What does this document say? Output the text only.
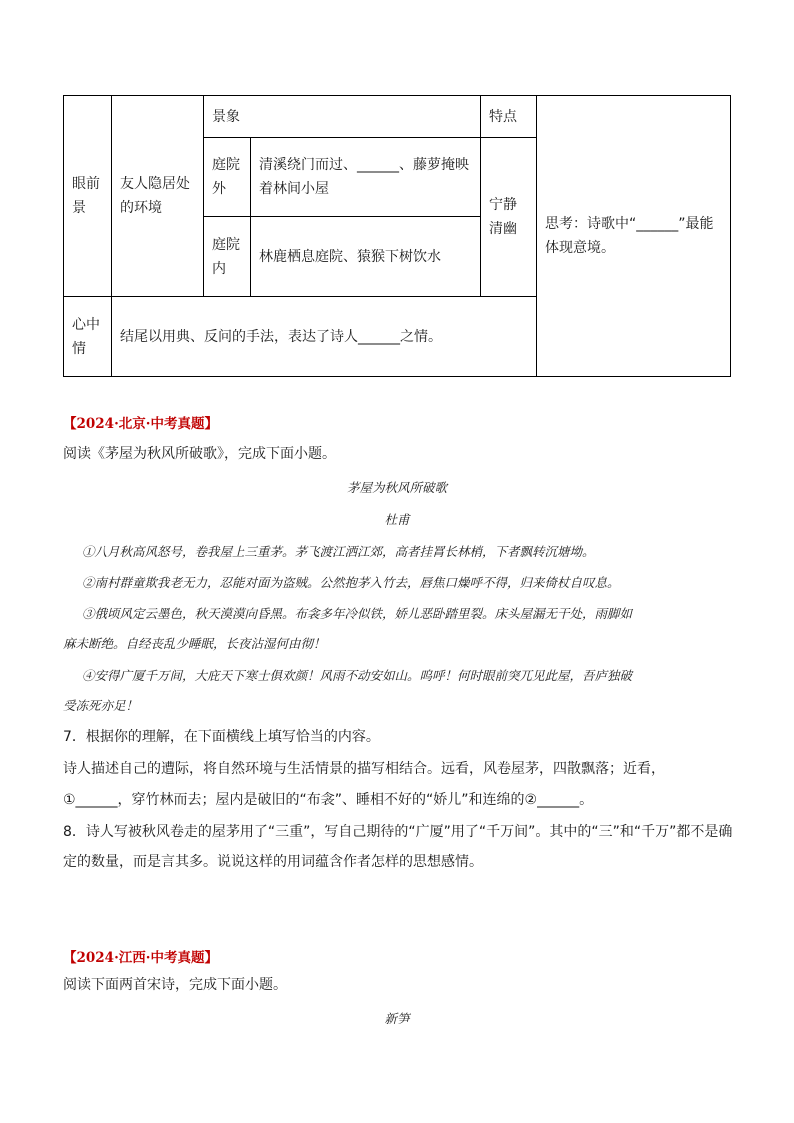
眼前景	友人隐居处的环境	景象		特点	思考：诗歌中“______”最能体现意境。
		庭院外	清溪绕门而过、______、藤萝掩映着林间小屋	宁静清幽	
		庭院内	林鹿栖息庭院、猿猴下树饮水		
心中情	结尾以用典、反问的手法，表达了诗人______之情。				
【2024·北京·中考真题】
阅读《茅屋为秋风所破歌》，完成下面小题。
茅屋为秋风所破歌
杜甫
①八月秋高风怒号，卷我屋上三重茅。茅飞渡江洒江郊，高者挂罥长林梢，下者飘转沉塘坳。
②南村群童欺我老无力，忍能对面为盗贼。公然抱茅入竹去，唇焦口燥呼不得，归来倚杖自叹息。
③俄顷风定云墨色，秋天漠漠向昏黑。布衾多年冷似铁，娇儿恶卧踏里裂。床头屋漏无干处，雨脚如
麻未断绝。自经丧乱少睡眠，长夜沾湿何由彻！
④安得广厦千万间，大庇天下寒士俱欢颜！风雨不动安如山。呜呼！何时眼前突兀见此屋，吾庐独破
受冻死亦足！
7．根据你的理解，在下面横线上填写恰当的内容。
诗人描述自己的遭际，将自然环境与生活情景的描写相结合。远看，风卷屋茅，四散飘落；近看，
①______，穿竹林而去；屋内是破旧的“布衾”、睡相不好的“娇儿”和连绵的②______。
8．诗人写被秋风卷走的屋茅用了“三重”，写自己期待的“广厦”用了“千万间”。其中的“三”和“千万”都不是确
定的数量，而是言其多。说说这样的用词蕴含作者怎样的思想感情。
【2024·江西·中考真题】
阅读下面两首宋诗，完成下面小题。
新笋
